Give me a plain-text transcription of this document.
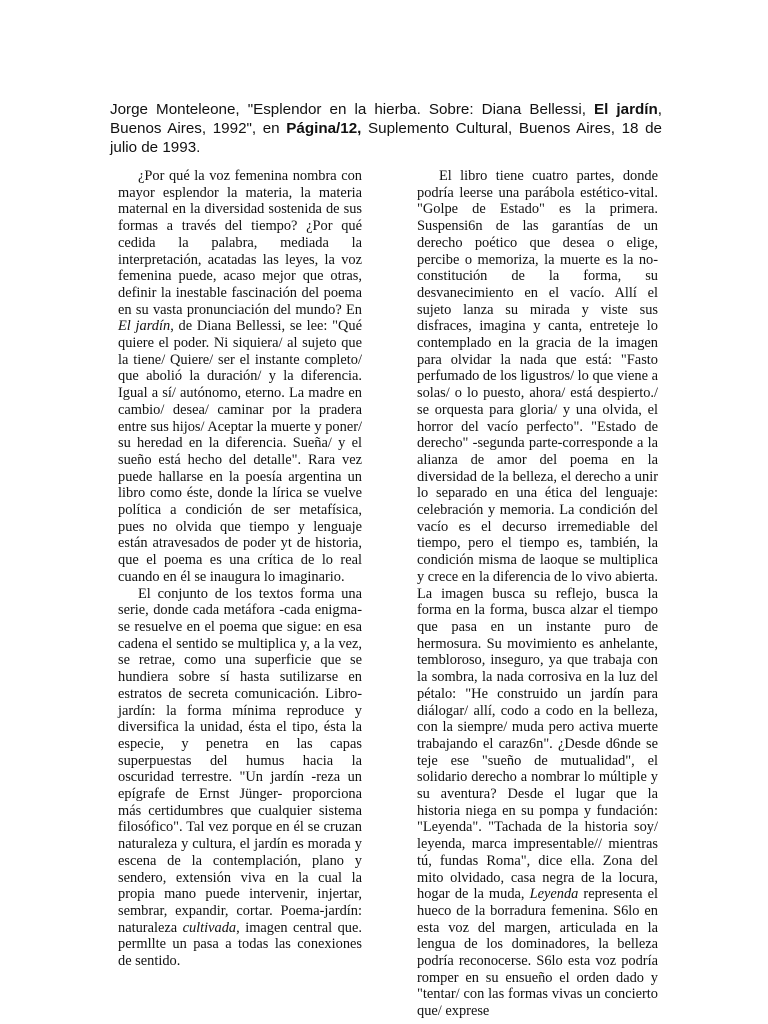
Jorge Monteleone, "Esplendor en la hierba. Sobre: Diana Bellessi, El jardín, Buenos Aires, 1992", en Página/12, Suplemento Cultural, Buenos Aires, 18 de julio de 1993.

¿Por qué la voz femenina nombra con mayor esplendor la materia, la materia maternal en la diversidad sostenida de sus formas a través del tiempo? ¿Por qué cedida la palabra, mediada la interpretación, acatadas las leyes, la voz femenina puede, acaso mejor que otras, definir la inestable fascinación del poema en su vasta pronunciación del mundo? En El jardín, de Diana Bellessi, se lee: "Qué quiere el poder. Ni siquiera/ al sujeto que la tiene/ Quiere/ ser el instante completo/ que abolió la duración/ y la diferencia. Igual a sí/ autónomo, eterno. La madre en cambio/ desea/ caminar por la pradera entre sus hijos/ Aceptar la muerte y poner/ su heredad en la diferencia. Sueña/ y el sueño está hecho del detalle". Rara vez puede hallarse en la poesía argentina un libro como éste, donde la lírica se vuelve política a condición de ser metafísica, pues no olvida que tiempo y lenguaje están atravesados de poder yt de historia, que el poema es una crítica de lo real cuando en él se inaugura lo imaginario.

El conjunto de los textos forma una serie, donde cada metáfora -cada enigma- se resuelve en el poema que sigue: en esa cadena el sentido se multiplica y, a la vez, se retrae, como una superficie que se hundiera sobre sí hasta sutilizarse en estratos de secreta comunicación. Libro-jardín: la forma mínima reproduce y diversifica la unidad, ésta el tipo, ésta la especie, y penetra en las capas superpuestas del humus hacia la oscuridad terrestre. "Un jardín -reza un epígrafe de Ernst Jünger- proporciona más certidumbres que cualquier sistema filosófico". Tal vez porque en él se cruzan naturaleza y cultura, el jardín es morada y escena de la contemplación, plano y sendero, extensión viva en la cual la propia mano puede intervenir, injertar, sembrar, expandir, cortar. Poema-jardín: naturaleza cultivada, imagen central que. permllte un pasa a todas las conexiones de sentido.

El libro tiene cuatro partes, donde podría leerse una parábola estético-vital. "Golpe de Estado" es la primera. Suspensi6n de las garantías de un derecho poético que desea o elige, percibe o memoriza, la muerte es la no-constitución de la forma, su desvanecimiento en el vacío. Allí el sujeto lanza su mirada y viste sus disfraces, imagina y canta, entreteje lo contemplado en la gracia de la imagen para olvidar la nada que está: "Fasto perfumado de los ligustros/ lo que viene a solas/ o lo puesto, ahora/ está despierto./ se orquesta para gloria/ y una olvida, el horror del vacío perfecto". "Estado de derecho" -segunda parte-corresponde a la alianza de amor del poema en la diversidad de la belleza, el derecho a unir lo separado en una ética del lenguaje: celebración y memoria. La condición del vacío es el decurso irremediable del tiempo, pero el tiempo es, también, la condición misma de laoque se multiplica y crece en la diferencia de lo vivo abierta. La imagen busca su reflejo, busca la forma en la forma, busca alzar el tiempo que pasa en un instante puro de hermosura. Su movimiento es anhelante, tembloroso, inseguro, ya que trabaja con la sombra, la nada corrosiva en la luz del pétalo: "He construido un jardín para diálogar/ allí, codo a codo en la belleza, con la siempre/ muda pero activa muerte trabajando el caraz6n". ¿Desde d6nde se teje ese "sueño de mutualidad", el solidario derecho a nombrar lo múltiple y su aventura? Desde el lugar que la historia niega en su pompa y fundación: "Leyenda". "Tachada de la historia soy/ leyenda, marca impresentable// mientras tú, fundas Roma", dice ella. Zona del mito olvidado, casa negra de la locura, hogar de la muda, Leyenda representa el hueco de la borradura femenina. S6lo en esta voz del margen, articulada en la lengua de los dominadores, la belleza podría reconocerse. S6lo esta voz podría romper en su ensueño el orden dado y "tentar/ con las formas vivas un concierto que/ exprese
